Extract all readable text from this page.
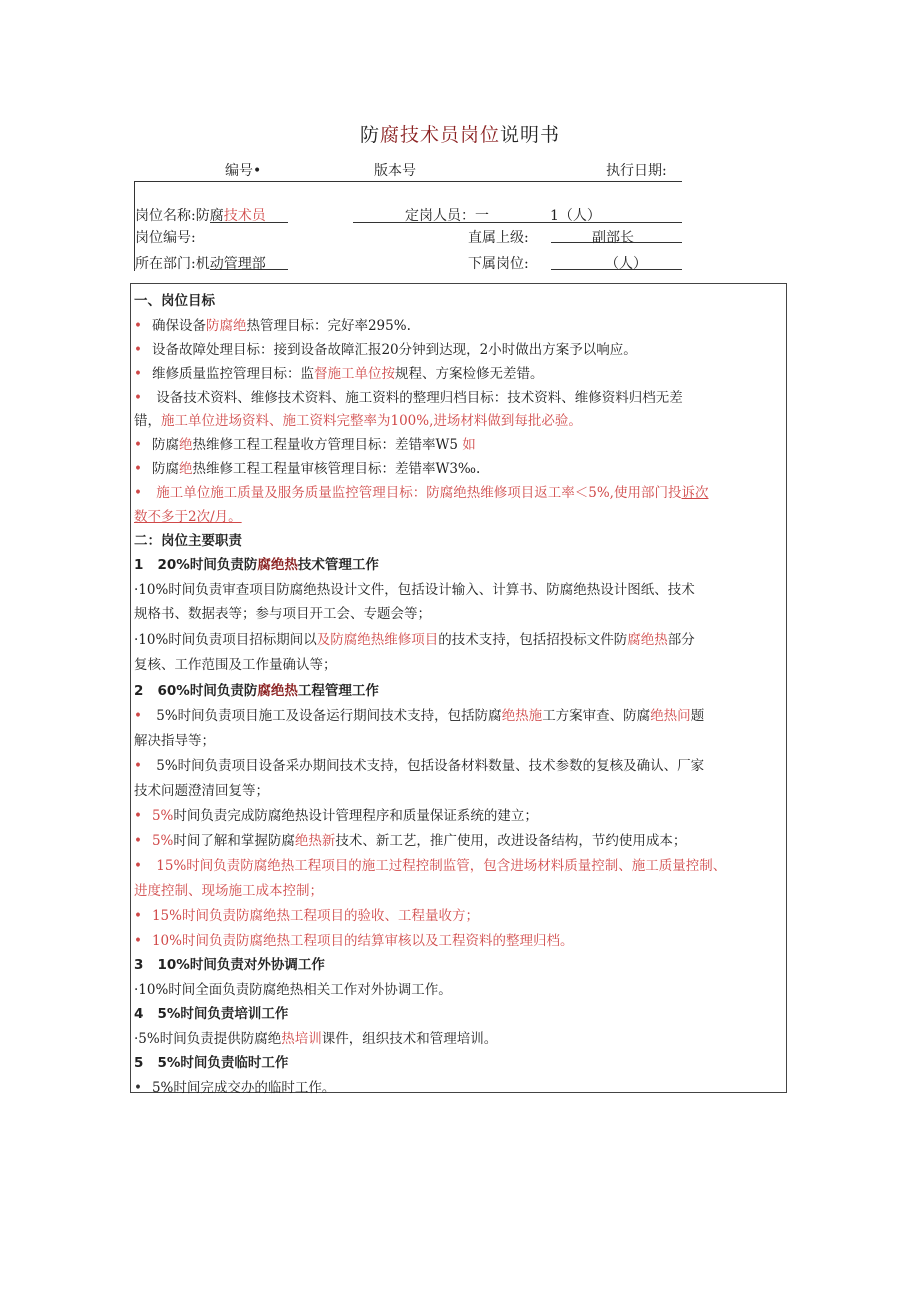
防腐技术员岗位说明书
编号•	版本号	执行日期:
岗位名称:防腐技术员	定岗人员：一	1（人）
岗位编号:	直属上级:	副部长
所在部门:机动管理部	下属岗位:	（人）
一、岗位目标
• 确保设备防腐绝热管理目标：完好率295%.
• 设备故障处理目标：接到设备故障汇报20分钟到达现，2小时做出方案予以响应。
• 维修质量监控管理目标：监督施工单位按规程、方案检修无差错。
• 设备技术资料、维修技术资料、施工资料的整理归档目标：技术资料、维修资料归档无差
错，施工单位进场资料、施工资料完整率为100%,进场材料做到每批必验。
• 防腐绝热维修工程工程量收方管理目标：差错率W5 如
• 防腐绝热维修工程工程量审核管理目标：差错率W3‰.
• 施工单位施工质量及服务质量监控管理目标：防腐绝热维修项目返工率＜5%,使用部门投诉次
数不多于2次/月。
二：岗位主要职责
1 20%时间负责防腐绝热技术管理工作
·10%时间负责审查项目防腐绝热设计文件，包括设计输入、计算书、防腐绝热设计图纸、技术
规格书、数据表等；参与项目开工会、专题会等；
·10%时间负责项目招标期间以及防腐绝热维修项目的技术支持，包括招投标文件防腐绝热部分
复核、工作范围及工作量确认等；
2 60%时间负责防腐绝热工程管理工作
• 5%时间负责项目施工及设备运行期间技术支持，包括防腐绝热施工方案审查、防腐绝热问题
解决指导等；
• 5%时间负责项目设备采办期间技术支持，包括设备材料数量、技术参数的复核及确认、厂家
技术问题澄清回复等；
• 5%时间负责完成防腐绝热设计管理程序和质量保证系统的建立；
• 5%时间了解和掌握防腐绝热新技术、新工艺，推广使用，改进设备结构，节约使用成本；
• 15%时间负责防腐绝热工程项目的施工过程控制监管，包含进场材料质量控制、施工质量控制、
进度控制、现场施工成本控制；
• 15%时间负责防腐绝热工程项目的验收、工程量收方；
• 10%时间负责防腐绝热工程项目的结算审核以及工程资料的整理归档。
3 10%时间负责对外协调工作
·10%时间全面负责防腐绝热相关工作对外协调工作。
4 5%时间负责培训工作
·5%时间负责提供防腐绝热培训课件，组织技术和管理培训。
5 5%时间负责临时工作
• 5%时间完成交办的临时工作。
